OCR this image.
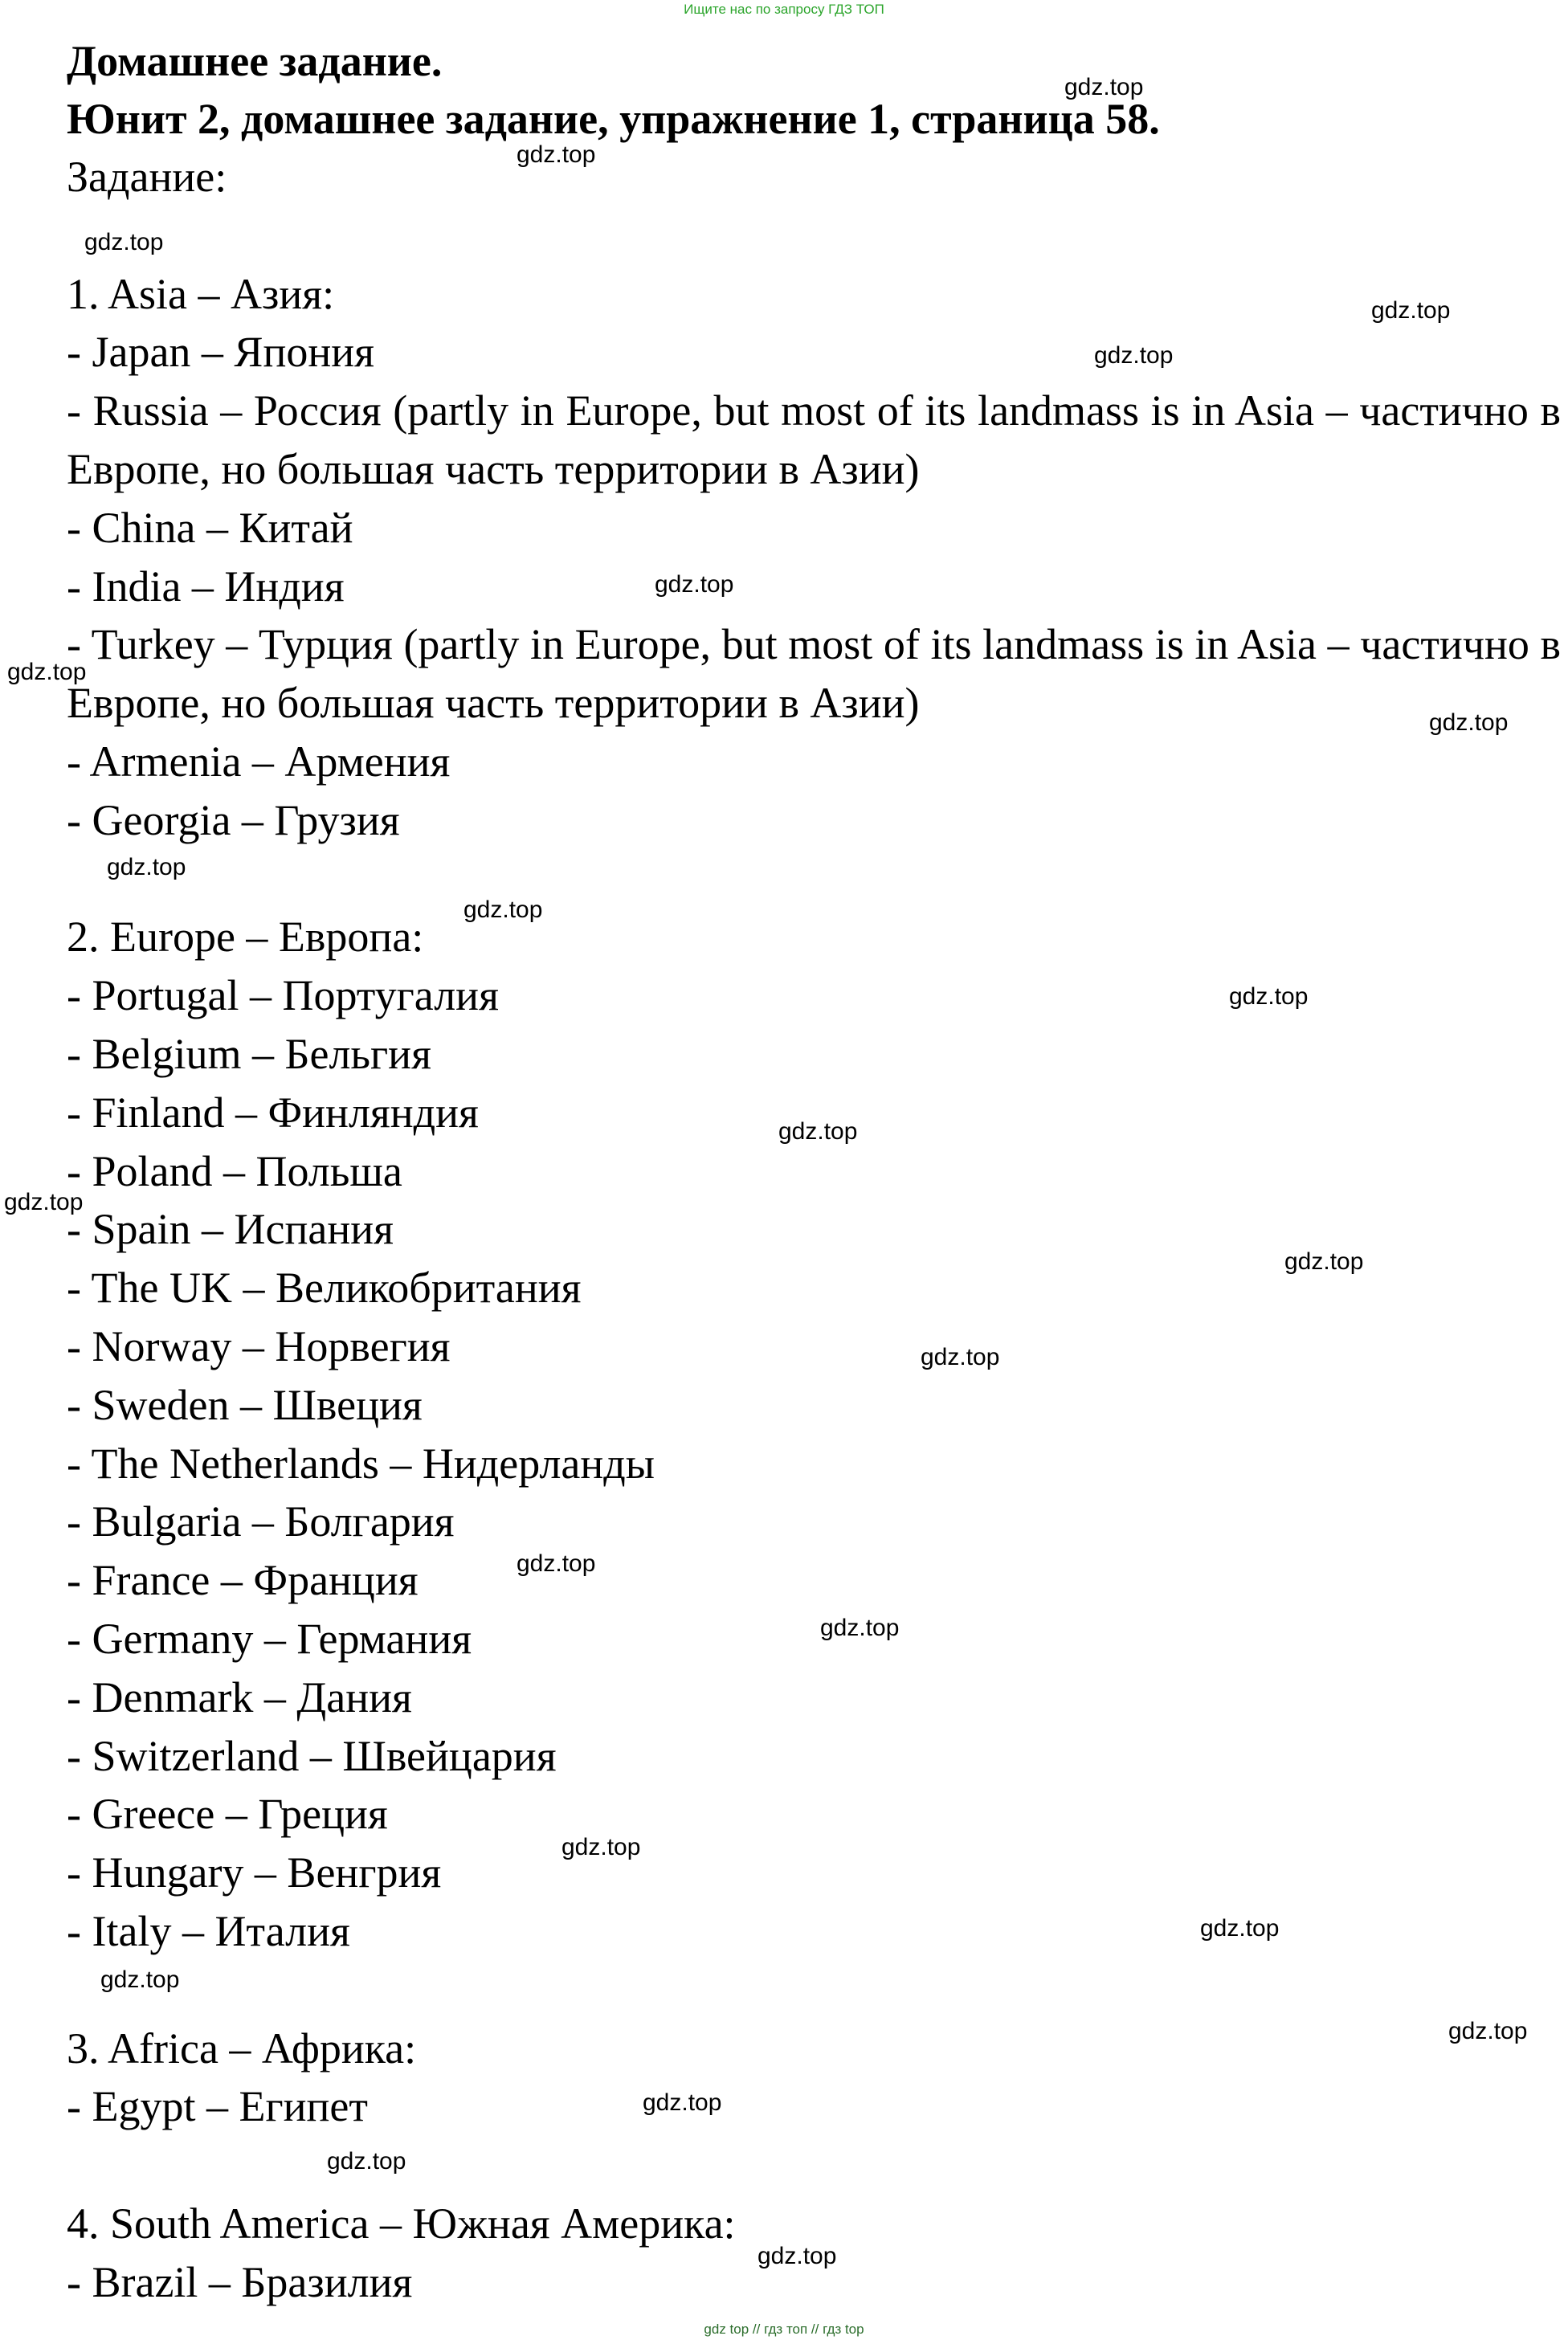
Ищите нас по запросу ГДЗ ТОП
Домашнее задание.
Юнит 2, домашнее задание, упражнение 1, страница 58.
Задание:
1. Asia – Азия:
- Japan – Япония
- Russia – Россия (partly in Europe, but most of its landmass is in Asia – частично в Европе, но большая часть территории в Азии)
- China – Китай
- India – Индия
- Turkey – Турция (partly in Europe, but most of its landmass is in Asia – частично в Европе, но большая часть территории в Азии)
- Armenia – Армения
- Georgia – Грузия
2. Europe – Европа:
- Portugal – Португалия
- Belgium – Бельгия
- Finland – Финляндия
- Poland – Польша
- Spain – Испания
- The UK – Великобритания
- Norway – Норвегия
- Sweden – Швеция
- The Netherlands – Нидерланды
- Bulgaria – Болгария
- France – Франция
- Germany – Германия
- Denmark – Дания
- Switzerland – Швейцария
- Greece – Греция
- Hungary – Венгрия
- Italy – Италия
3. Africa – Африка:
- Egypt – Египет
4. South America – Южная Америка:
- Brazil – Бразилия
gdz.top
gdz.top
gdz.top
gdz.top
gdz.top
gdz.top
gdz.top
gdz.top
gdz.top
gdz.top
gdz.top
gdz.top
gdz.top
gdz.top
gdz.top
gdz.top
gdz.top
gdz.top
gdz.top
gdz.top
gdz.top
gdz.top
gdz.top
gdz.top
gdz top // гдз топ // гдз top
